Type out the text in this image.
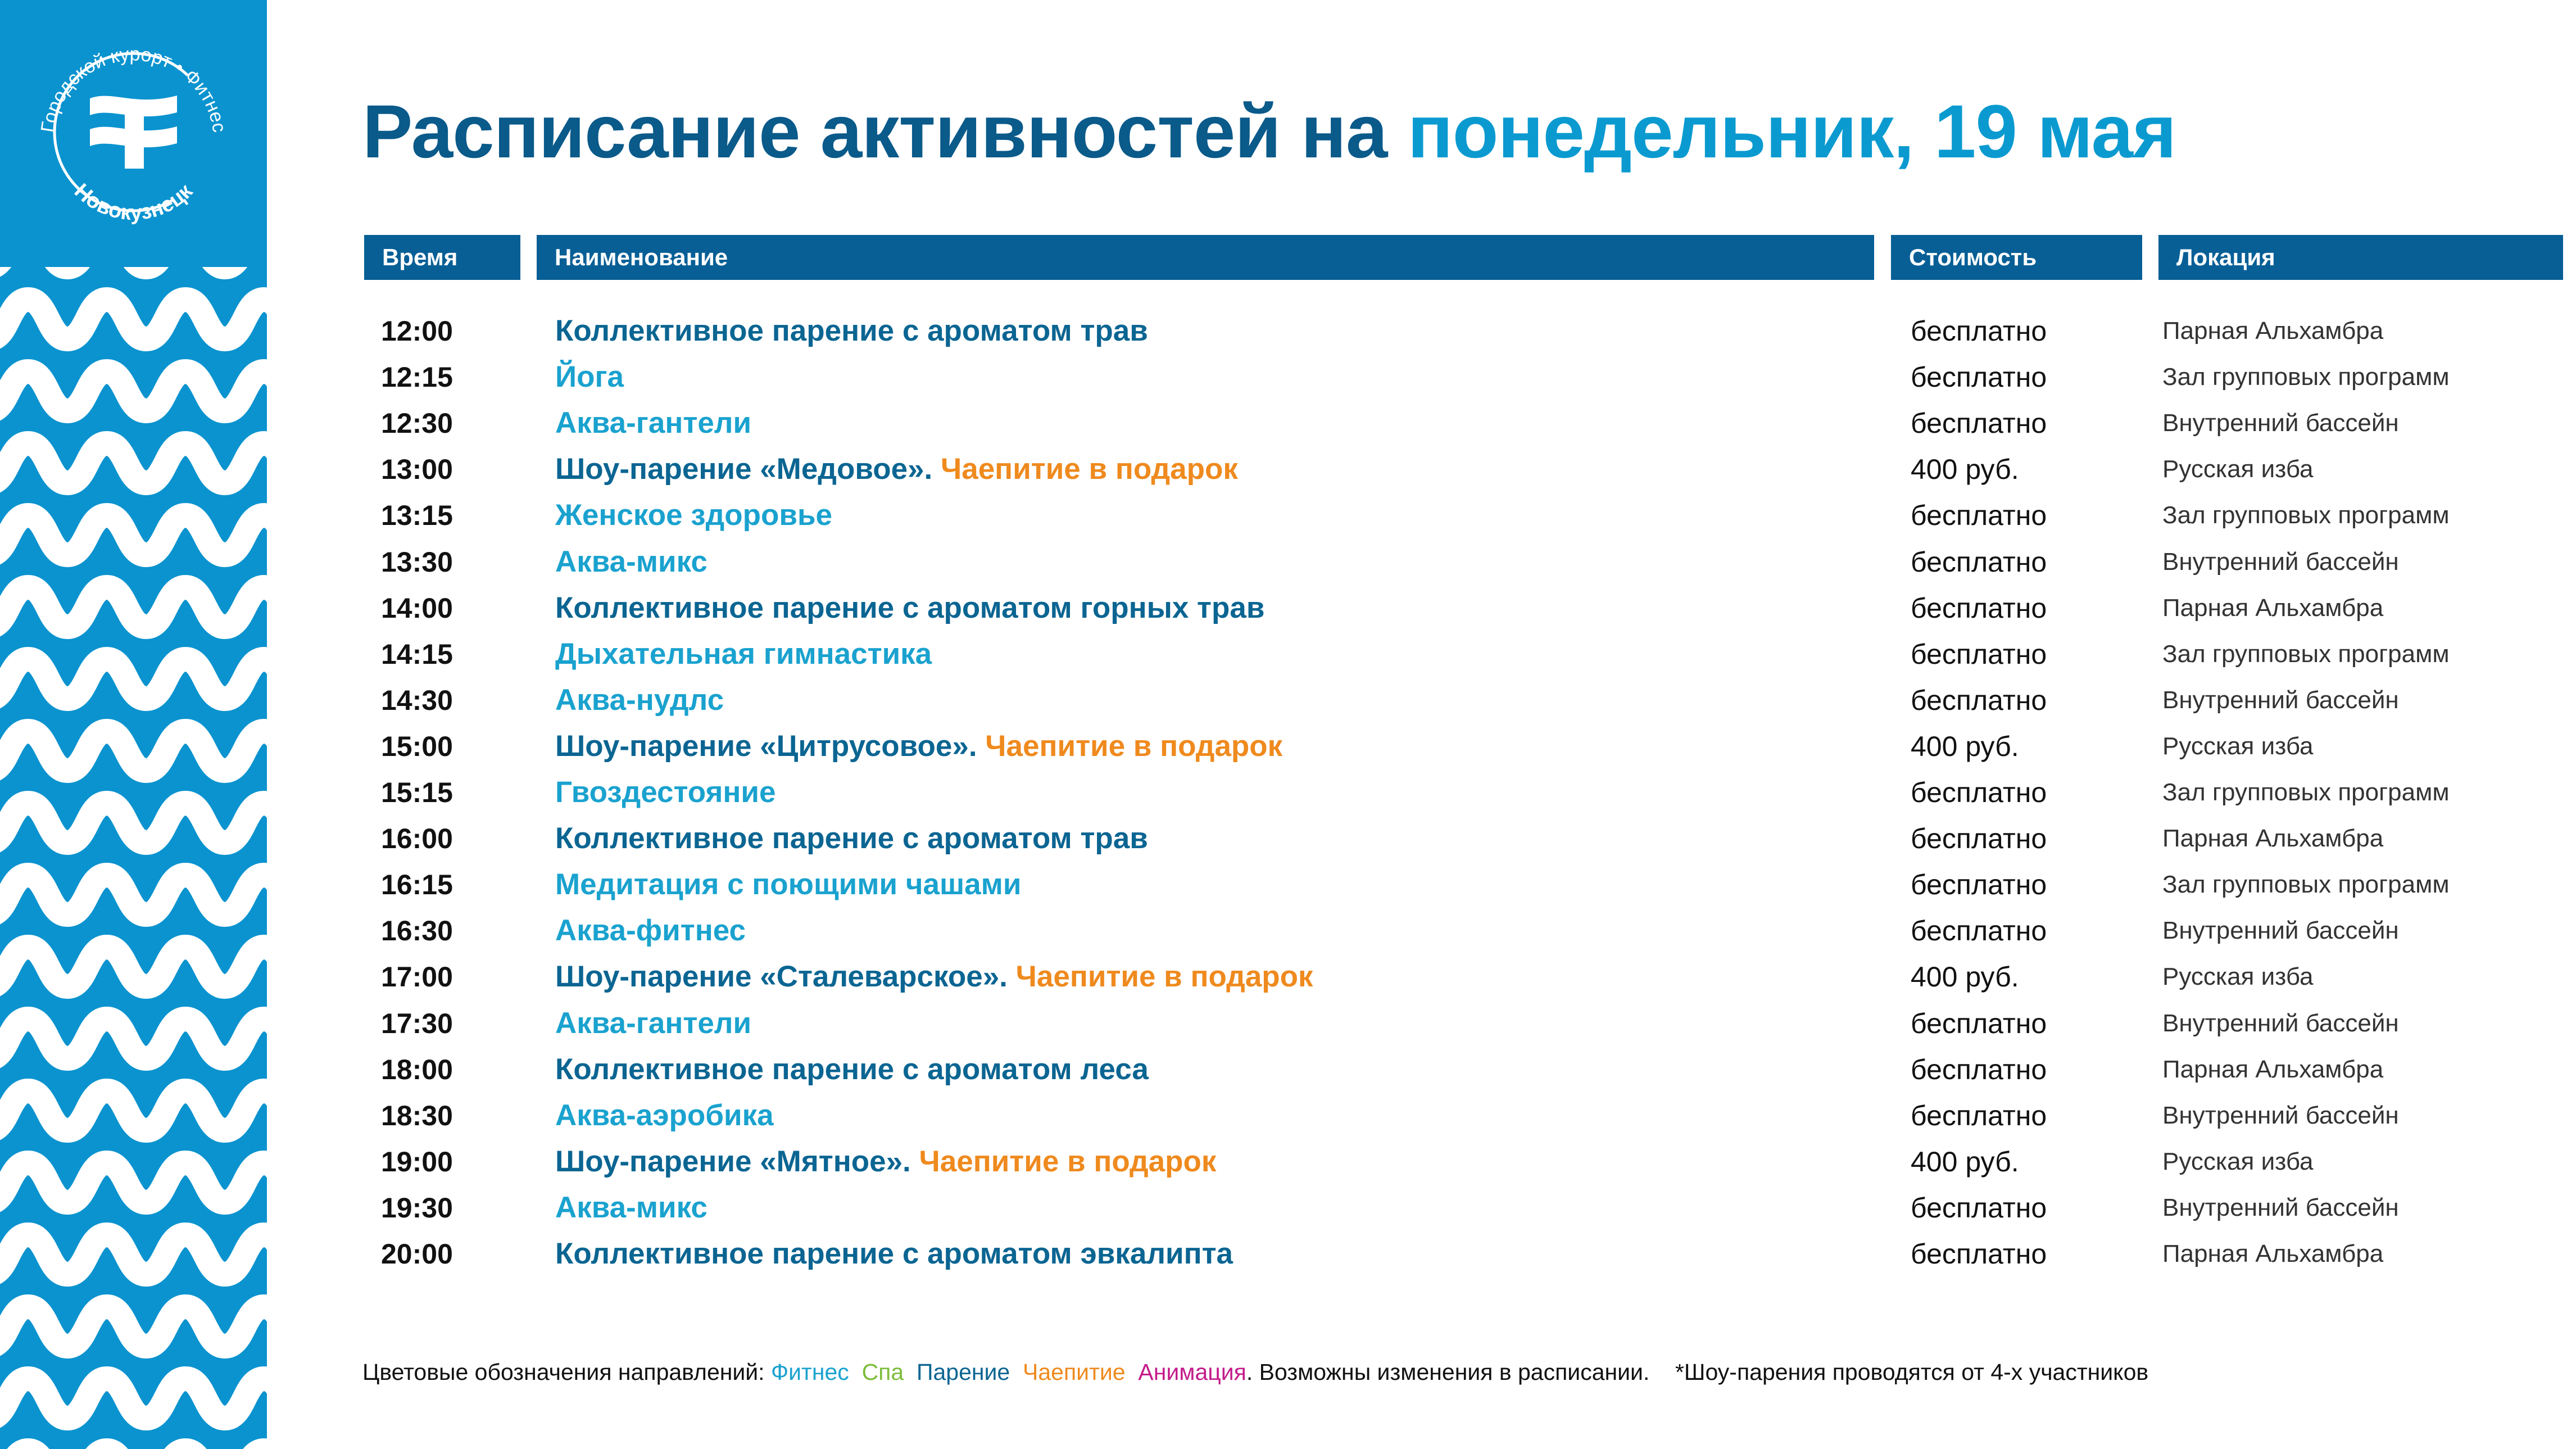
Городской курорт • Фитнес
Новокузнецк
Расписание активностей на понедельник, 19 мая
Время	Наименование	Стоимость	Локация
12:00	Коллективное парение с ароматом трав	бесплатно	Парная Альхамбра
12:15	Йога	бесплатно	Зал групповых программ
12:30	Аква-гантели	бесплатно	Внутренний бассейн
13:00	Шоу-парение «Медовое». Чаепитие в подарок	400 руб.	Русская изба
13:15	Женское здоровье	бесплатно	Зал групповых программ
13:30	Аква-микс	бесплатно	Внутренний бассейн
14:00	Коллективное парение с ароматом горных трав	бесплатно	Парная Альхамбра
14:15	Дыхательная гимнастика	бесплатно	Зал групповых программ
14:30	Аква-нудлс	бесплатно	Внутренний бассейн
15:00	Шоу-парение «Цитрусовое». Чаепитие в подарок	400 руб.	Русская изба
15:15	Гвоздестояние	бесплатно	Зал групповых программ
16:00	Коллективное парение с ароматом трав	бесплатно	Парная Альхамбра
16:15	Медитация с поющими чашами	бесплатно	Зал групповых программ
16:30	Аква-фитнес	бесплатно	Внутренний бассейн
17:00	Шоу-парение «Сталеварское». Чаепитие в подарок	400 руб.	Русская изба
17:30	Аква-гантели	бесплатно	Внутренний бассейн
18:00	Коллективное парение с ароматом леса	бесплатно	Парная Альхамбра
18:30	Аква-аэробика	бесплатно	Внутренний бассейн
19:00	Шоу-парение «Мятное». Чаепитие в подарок	400 руб.	Русская изба
19:30	Аква-микс	бесплатно	Внутренний бассейн
20:00	Коллективное парение с ароматом эвкалипта	бесплатно	Парная Альхамбра
Цветовые обозначения направлений: Фитнес Спа Парение Чаепитие Анимация. Возможны изменения в расписании. *Шоу-парения проводятся от 4-х участников
